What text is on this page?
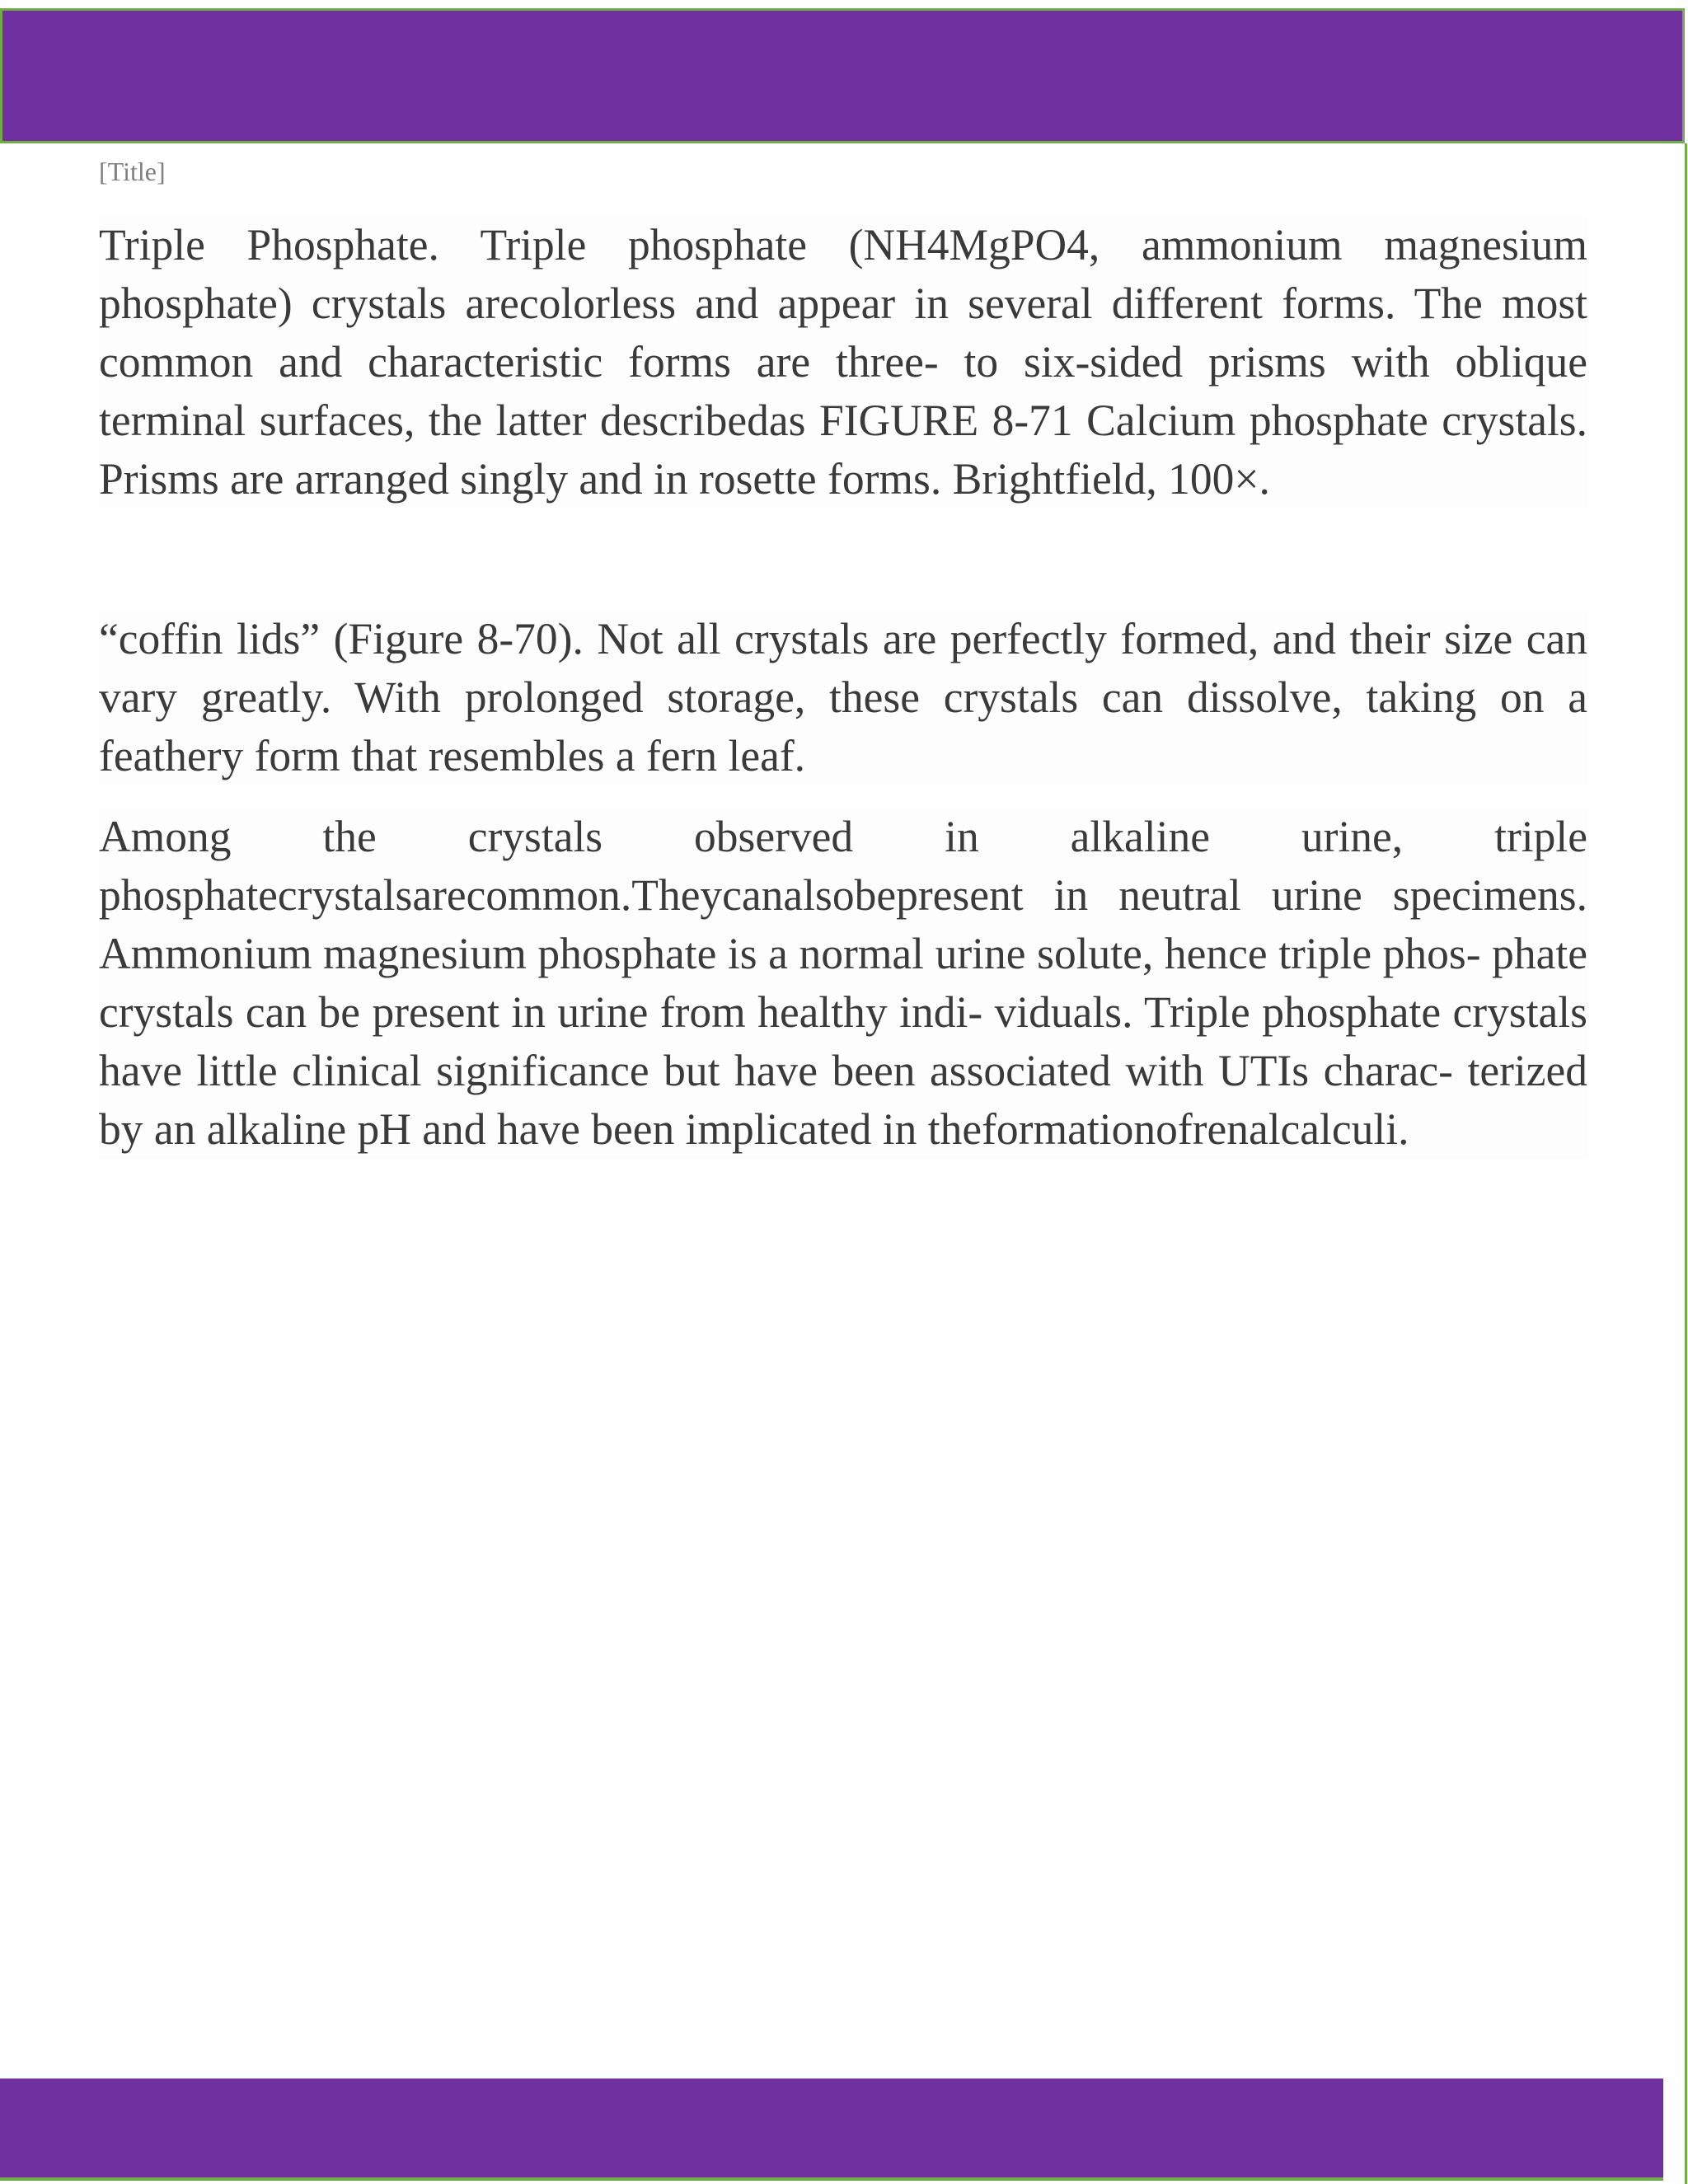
[Title]

Triple Phosphate. Triple phosphate (NH4MgPO4, ammonium magnesium phosphate) crystals arecolorless and appear in several different forms. The most common and characteristic forms are three- to six-sided prisms with oblique terminal surfaces, the latter describedas FIGURE 8-71 Calcium phosphate crystals. Prisms are arranged singly and in rosette forms. Brightfield, 100×.

“coffin lids” (Figure 8-70). Not all crystals are perfectly formed, and their size can vary greatly. With prolonged storage, these crystals can dissolve, taking on a feathery form that resembles a fern leaf.

Among the crystals observed in alkaline urine, triple phosphatecrystalsarecommon.Theycanalsobepresent in neutral urine specimens. Ammonium magnesium phosphate is a normal urine solute, hence triple phos- phate crystals can be present in urine from healthy indi- viduals. Triple phosphate crystals have little clinical significance but have been associated with UTIs charac- terized by an alkaline pH and have been implicated in theformationofrenalcalculi.
